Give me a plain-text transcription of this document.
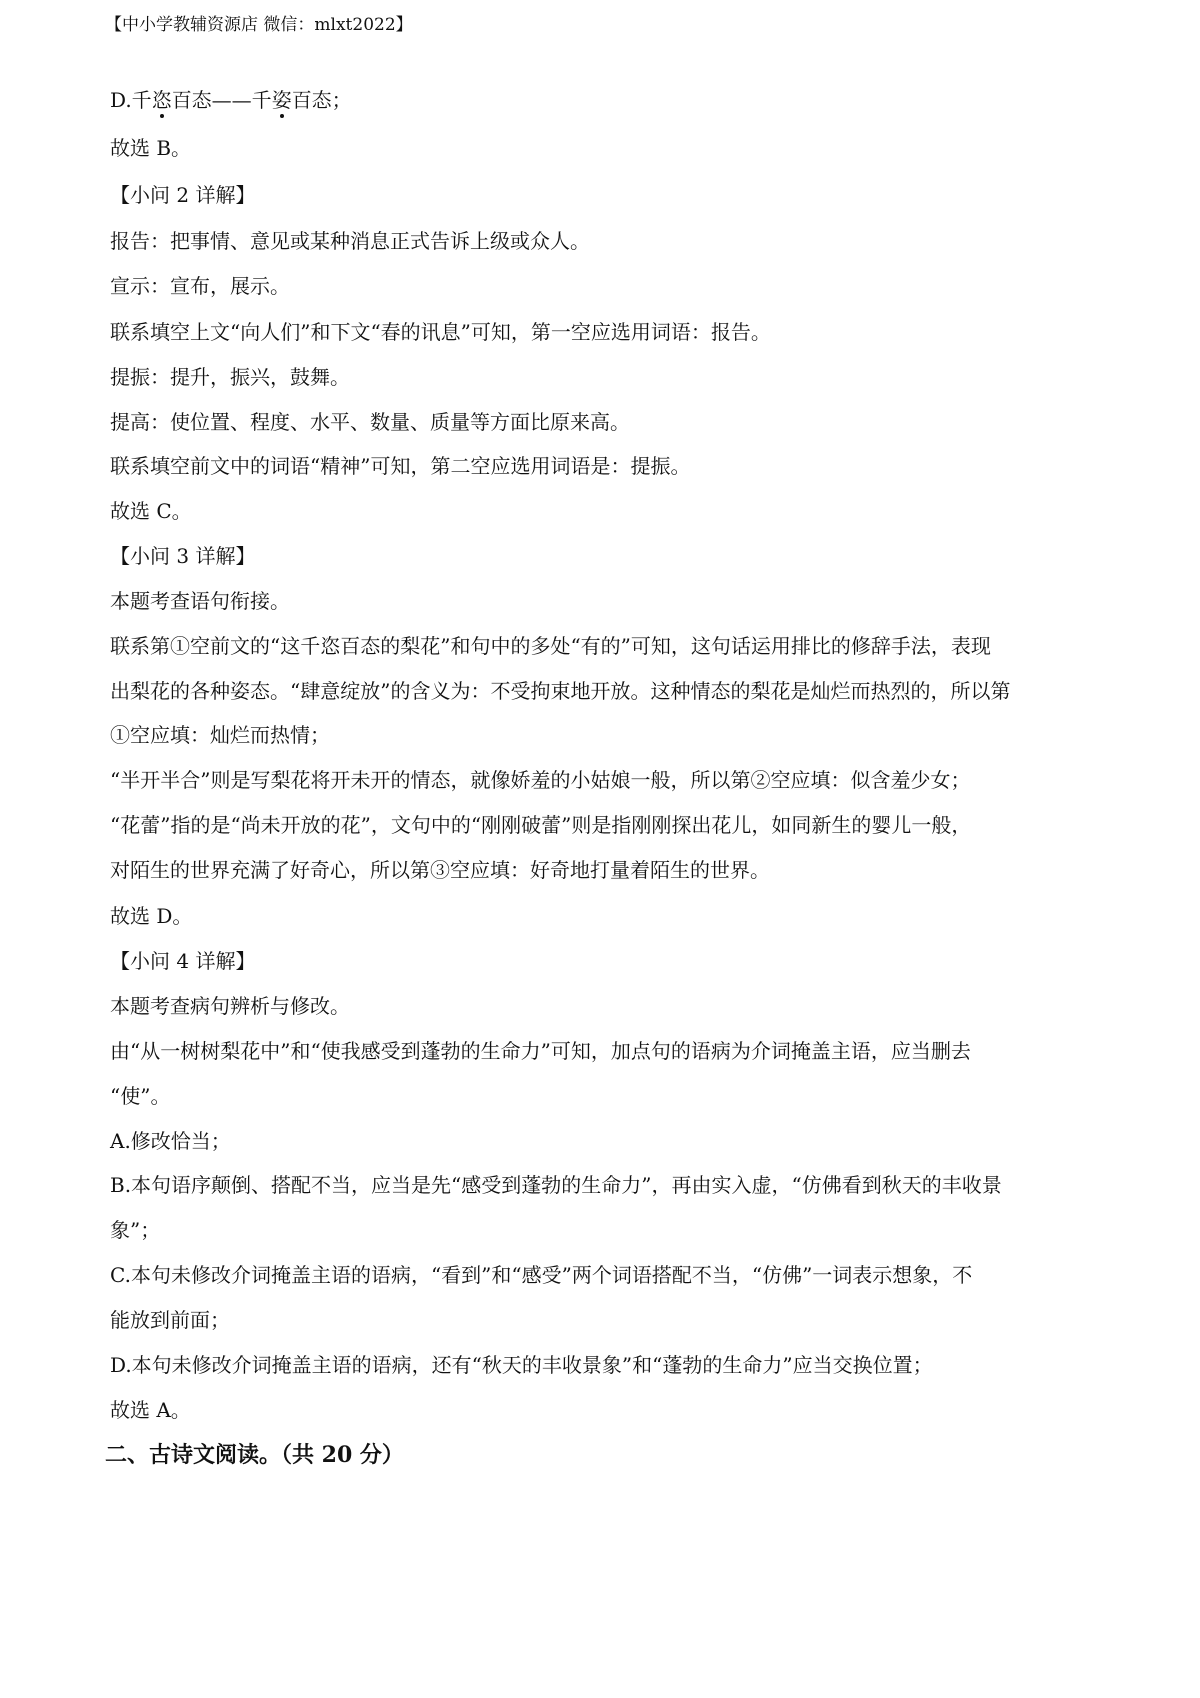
【中小学教辅资源店 微信：mlxt2022】
D.千恣百态——千姿百态；
故选 B。
【小问 2 详解】
报告：把事情、意见或某种消息正式告诉上级或众人。
宣示：宣布，展示。
联系填空上文“向人们”和下文“春的讯息”可知，第一空应选用词语：报告。
提振：提升，振兴，鼓舞。
提高：使位置、程度、水平、数量、质量等方面比原来高。
联系填空前文中的词语“精神”可知，第二空应选用词语是：提振。
故选 C。
【小问 3 详解】
本题考查语句衔接。
联系第①空前文的“这千恣百态的梨花”和句中的多处“有的”可知，这句话运用排比的修辞手法，表现
出梨花的各种姿态。“肆意绽放”的含义为：不受拘束地开放。这种情态的梨花是灿烂而热烈的，所以第
①空应填：灿烂而热情；
“半开半合”则是写梨花将开未开的情态，就像娇羞的小姑娘一般，所以第②空应填：似含羞少女；
“花蕾”指的是“尚未开放的花”，文句中的“刚刚破蕾”则是指刚刚探出花儿，如同新生的婴儿一般，
对陌生的世界充满了好奇心，所以第③空应填：好奇地打量着陌生的世界。
故选 D。
【小问 4 详解】
本题考查病句辨析与修改。
由“从一树树梨花中”和“使我感受到蓬勃的生命力”可知，加点句的语病为介词掩盖主语，应当删去
“使”。
A.修改恰当；
B.本句语序颠倒、搭配不当，应当是先“感受到蓬勃的生命力”，再由实入虚，“仿佛看到秋天的丰收景
象”；
C.本句未修改介词掩盖主语的语病，“看到”和“感受”两个词语搭配不当，“仿佛”一词表示想象，不
能放到前面；
D.本句未修改介词掩盖主语的语病，还有“秋天的丰收景象”和“蓬勃的生命力”应当交换位置；
故选 A。
二、古诗文阅读。（共 20 分）
